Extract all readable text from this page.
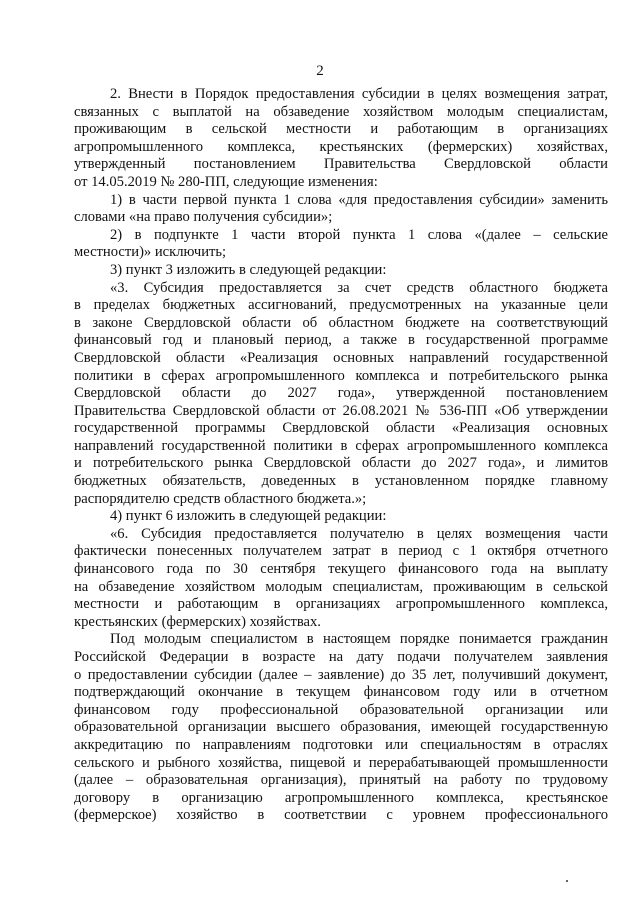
2
2. Внести в Порядок предоставления субсидии в целях возмещения затрат,
связанных с выплатой на обзаведение хозяйством молодым специалистам,
проживающим в сельской местности и работающим в организациях
агропромышленного комплекса, крестьянских (фермерских) хозяйствах,
утвержденный постановлением Правительства Свердловской области
от 14.05.2019 № 280-ПП, следующие изменения:
1) в части первой пункта 1 слова «для предоставления субсидии» заменить
словами «на право получения субсидии»;
2) в подпункте 1 части второй пункта 1 слова «(далее – сельские
местности)» исключить;
3) пункт 3 изложить в следующей редакции:
«3. Субсидия предоставляется за счет средств областного бюджета
в пределах бюджетных ассигнований, предусмотренных на указанные цели
в законе Свердловской области об областном бюджете на соответствующий
финансовый год и плановый период, а также в государственной программе
Свердловской области «Реализация основных направлений государственной
политики в сферах агропромышленного комплекса и потребительского рынка
Свердловской области до 2027 года», утвержденной постановлением
Правительства Свердловской области от 26.08.2021 № 536-ПП «Об утверждении
государственной программы Свердловской области «Реализация основных
направлений государственной политики в сферах агропромышленного комплекса
и потребительского рынка Свердловской области до 2027 года», и лимитов
бюджетных обязательств, доведенных в установленном порядке главному
распорядителю средств областного бюджета.»;
4) пункт 6 изложить в следующей редакции:
«6. Субсидия предоставляется получателю в целях возмещения части
фактически понесенных получателем затрат в период с 1 октября отчетного
финансового года по 30 сентября текущего финансового года на выплату
на обзаведение хозяйством молодым специалистам, проживающим в сельской
местности и работающим в организациях агропромышленного комплекса,
крестьянских (фермерских) хозяйствах.
Под молодым специалистом в настоящем порядке понимается гражданин
Российской Федерации в возрасте на дату подачи получателем заявления
о предоставлении субсидии (далее – заявление) до 35 лет, получивший документ,
подтверждающий окончание в текущем финансовом году или в отчетном
финансовом году профессиональной образовательной организации или
образовательной организации высшего образования, имеющей государственную
аккредитацию по направлениям подготовки или специальностям в отраслях
сельского и рыбного хозяйства, пищевой и перерабатывающей промышленности
(далее – образовательная организация), принятый на работу по трудовому
договору в организацию агропромышленного комплекса, крестьянское
(фермерское) хозяйство в соответствии с уровнем профессионального
